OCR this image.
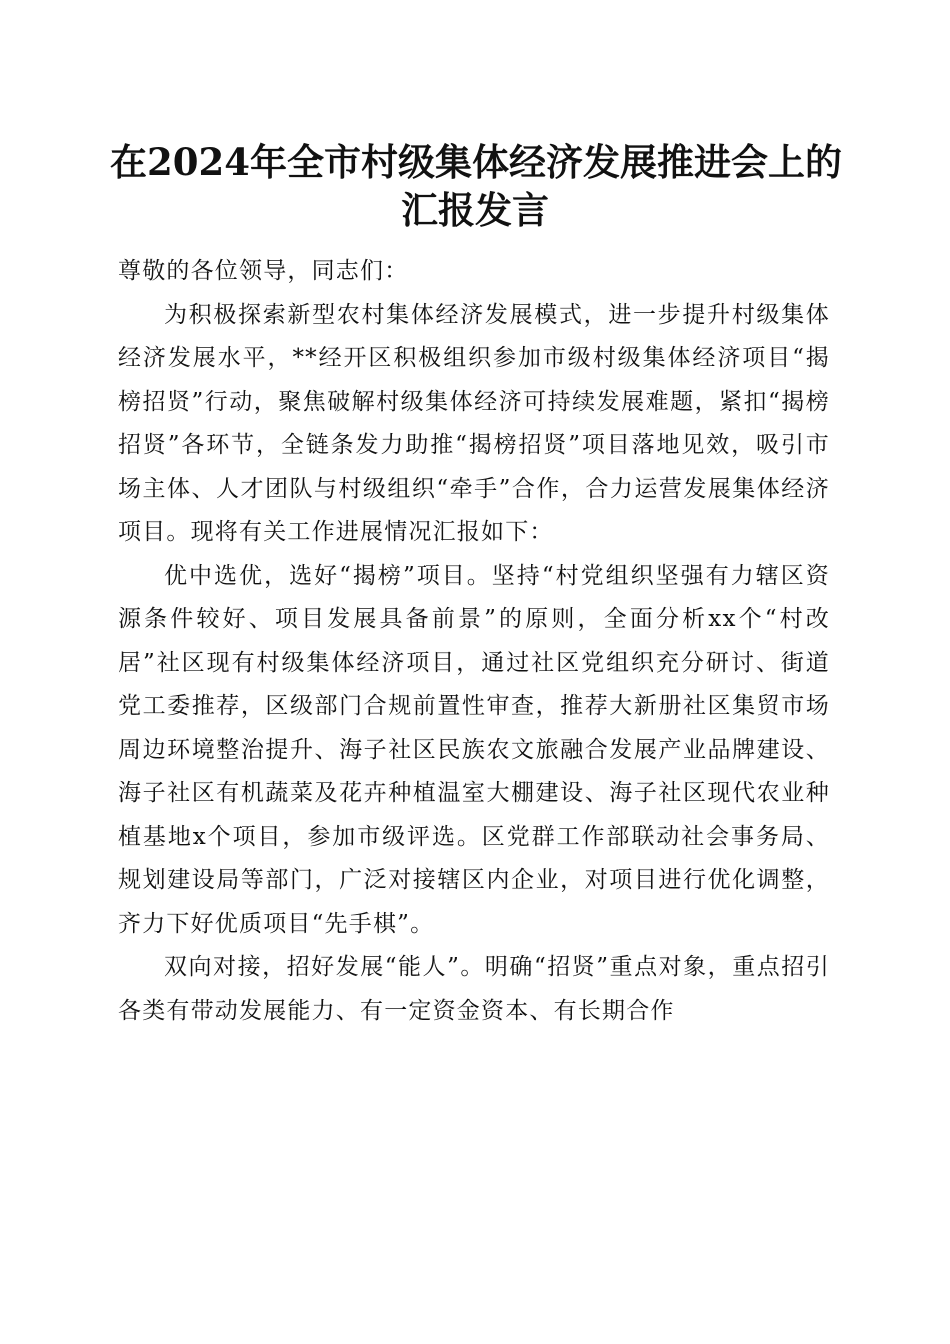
在2024年全市村级集体经济发展推进会上的
汇报发言

尊敬的各位领导，同志们：

为积极探索新型农村集体经济发展模式，进一步提升村级集体经济发展水平，**经开区积极组织参加市级村级集体经济项目“揭榜招贤”行动，聚焦破解村级集体经济可持续发展难题，紧扣“揭榜招贤”各环节，全链条发力助推“揭榜招贤”项目落地见效，吸引市场主体、人才团队与村级组织“牵手”合作，合力运营发展集体经济项目。现将有关工作进展情况汇报如下：

优中选优，选好“揭榜”项目。坚持“村党组织坚强有力辖区资源条件较好、项目发展具备前景”的原则，全面分析xx个“村改居”社区现有村级集体经济项目，通过社区党组织充分研讨、街道党工委推荐，区级部门合规前置性审查，推荐大新册社区集贸市场周边环境整治提升、海子社区民族农文旅融合发展产业品牌建设、海子社区有机蔬菜及花卉种植温室大棚建设、海子社区现代农业种植基地x个项目，参加市级评选。区党群工作部联动社会事务局、规划建设局等部门，广泛对接辖区内企业，对项目进行优化调整，齐力下好优质项目“先手棋”。

双向对接，招好发展“能人”。明确“招贤”重点对象，重点招引各类有带动发展能力、有一定资金资本、有长期合作
